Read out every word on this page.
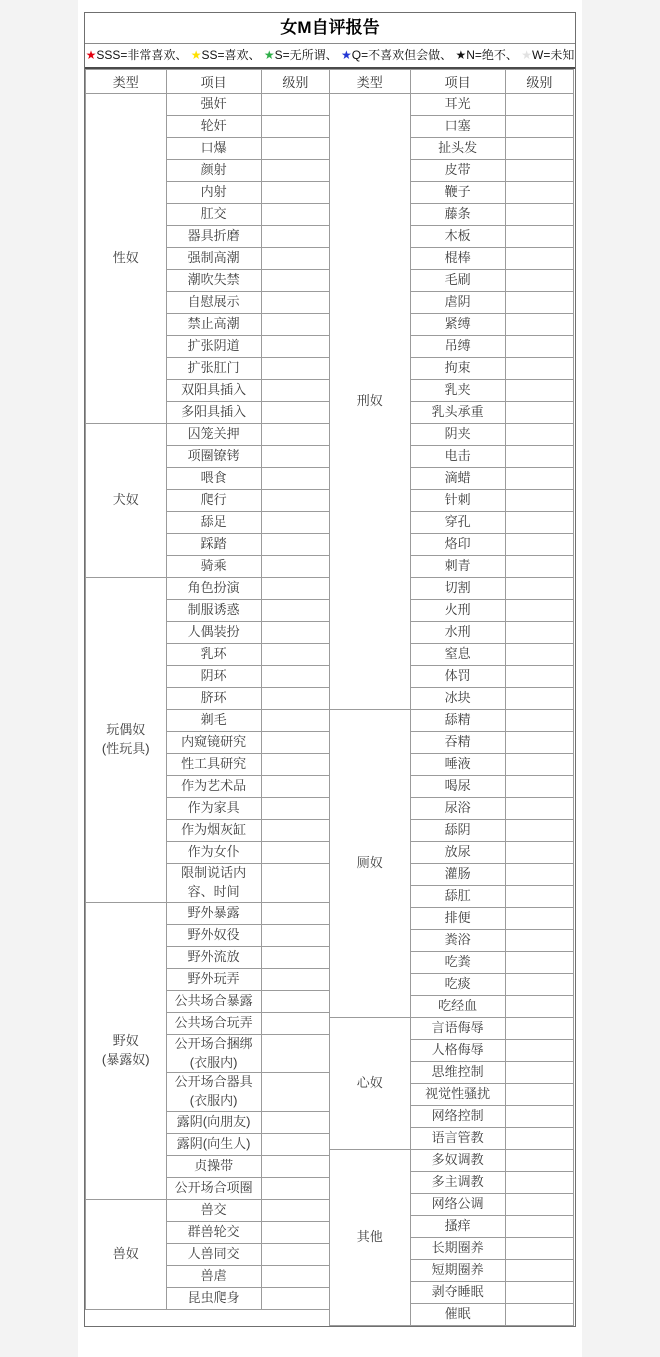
女M自评报告
★SSS=非常喜欢、 ★SS=喜欢、 ★S=无所谓、 ★Q=不喜欢但会做、 ★N=绝不、 ★W=未知
类型	项目	级别
性奴	强奸	
	轮奸	
	口爆	
	颜射	
	内射	
	肛交	
	器具折磨	
	强制高潮	
	潮吹失禁	
	自慰展示	
	禁止高潮	
	扩张阴道	
	扩张肛门	
	双阳具插入	
	多阳具插入	
犬奴	囚笼关押	
	项圈镣铐	
	喂食	
	爬行	
	舔足	
	踩踏	
	骑乘	
玩偶奴
(性玩具)	角色扮演	
	制服诱惑	
	人偶装扮	
	乳环	
	阴环	
	脐环	
	剃毛	
	内窥镜研究	
	性工具研究	
	作为艺术品	
	作为家具	
	作为烟灰缸	
	作为女仆	
	限制说话内容、时间	
野奴
(暴露奴)	野外暴露	
	野外奴役	
	野外流放	
	野外玩弄	
	公共场合暴露	
	公共场合玩弄	
	公开场合捆绑(衣服内)	
	公开场合器具(衣服内)	
	露阴(向朋友)	
	露阴(向生人)	
	贞操带	
	公开场合项圈	
兽奴	兽交	
	群兽轮交	
	人兽同交	
	兽虐	
	昆虫爬身	
类型	项目	级别
刑奴	耳光	
	口塞	
	扯头发	
	皮带	
	鞭子	
	藤条	
	木板	
	棍棒	
	毛刷	
	虐阴	
	紧缚	
	吊缚	
	拘束	
	乳夹	
	乳头承重	
	阴夹	
	电击	
	滴蜡	
	针刺	
	穿孔	
	烙印	
	刺青	
	切割	
	火刑	
	水刑	
	窒息	
	体罚	
	冰块	
厕奴	舔精	
	吞精	
	唾液	
	喝尿	
	尿浴	
	舔阴	
	放尿	
	灌肠	
	舔肛	
	排便	
	粪浴	
	吃粪	
	吃痰	
	吃经血	
心奴	言语侮辱	
	人格侮辱	
	思维控制	
	视觉性骚扰	
	网络控制	
	语言管教	
其他	多奴调教	
	多主调教	
	网络公调	
	搔痒	
	长期圈养	
	短期圈养	
	剥夺睡眠	
	催眠	
